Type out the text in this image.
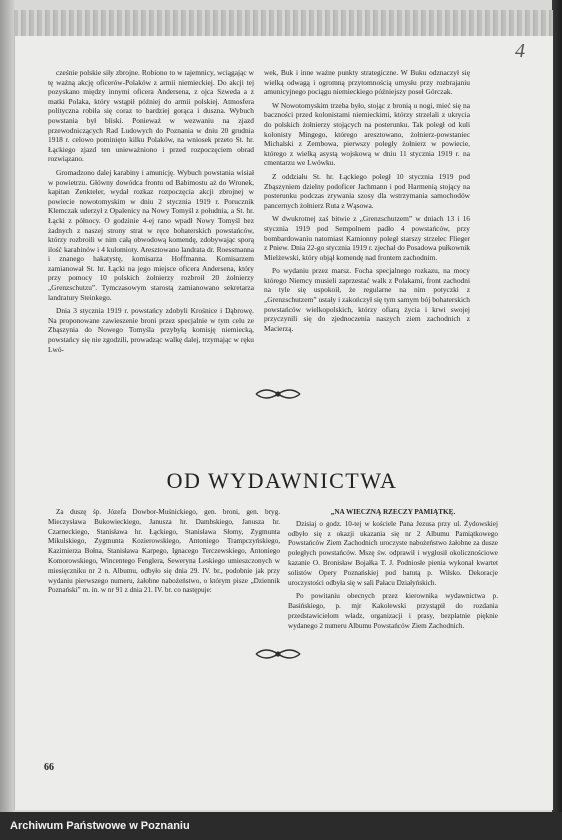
4

cześnie polskie siły zbrojne. Robiono to w tajemnicy, wciągając w tę ważną akcję oficerów-Polaków z armii niemieckiej. Do akcji tej pozyskano między innymi oficera Andersena, z ojca Szweda a z matki Polaka, który wstąpił później do armii polskiej. Atmosfera polityczna robiła się coraz to bardziej gorąca i duszna. Wybuch powstania był bliski. Ponieważ w wezwaniu na zjazd przewodniczących Rad Ludowych do Poznania w dniu 20 grudnia 1918 r. celowo pominięto kilku Polaków, na wniosek przeto St. hr. Łąckiego zjazd ten unieważniono i przed rozpoczęciem obrad rozwiązano.

Gromadzono dalej karabiny i amunicję. Wybuch powstania wisiał w powietrzu. Główny dowódca frontu od Babimostu aż do Wronek, kapitan Zenkteler, wydał rozkaz rozpoczęcia akcji zbrojnej w powiecie nowotomyskim w dniu 2 stycznia 1919 r. Porucznik Klemczak uderzył z Opalenicy na Nowy Tomyśl z południa, a St. hr. Łącki z północy. O godzinie 4-ej rano wpadł Nowy Tomyśl bez żadnych z naszej strony strat w ręce bohaterskich powstańców, którzy rozbroili w nim całą obwodową komendę, zdobywając sporą ilość karabinów i 4 kulomioty. Aresztowano landrata dr. Roessmanna i znanego hakatystę, komisarza Hoffmanna. Komisarzem zamianował St. hr. Łącki na jego miejsce oficera Andersena, który przy pomocy 10 polskich żołnierzy rozbroił 20 żołnierzy „Grenzschutzu”. Tymczasowym starostą zamianowano sekretarza landratury Steinkego.

Dnia 3 stycznia 1919 r. powstańcy zdobyli Krośnice i Dąbrowę. Na proponowane zawieszenie broni przez specjalnie w tym celu ze Zbąszynia do Nowego Tomyśla przybyłą komisję niemiecką, powstańcy się nie zgodzili, prowadząc walkę dalej, trzymając w ręku Lwó-

wek, Buk i inne ważne punkty strategiczne. W Buku odznaczył się wielką odwagą i ogromną przytomnością umysłu przy rozbrajaniu amunicyjnego pociągu niemieckiego późniejszy poseł Górczak.

W Nowotomyskim trzeba było, stojąc z bronią u nogi, mieć się na baczności przed kolonistami niemieckimi, którzy strzelali z ukrycia do polskich żołnierzy stojących na posterunku. Tak poległ od kuli kolonisty Mingego, którego aresztowano, żołnierz-powstaniec Michalski z Zembowa, pierwszy poległy żołnierz w powiecie, którego z wielką asystą wojskową w dniu 11 stycznia 1919 r. na cmentarzu we Lwówku.

Z oddziału St. hr. Łąckiego poległ 10 stycznia 1919 pod Zbąszyniem dzielny podoficer Jachmann i pod Harmenią stojący na posterunku podczas zrywania szosy dla wstrzymania samochodów pancernych żołnierz Ruta z Wąsowa.

W dwukrotnej zaś bitwie z „Grenzschutzem” w dniach 13 i 16 stycznia 1919 pod Sempolnem padło 4 powstańców, przy bombardowaniu natomiast Kamionny poległ starszy strzelec Flieger z Pniew. Dnia 22-go stycznia 1919 r. zjechał do Posadowa pułkownik Mielżewski, który objął komendę nad frontem zachodnim.

Po wydaniu przez marsz. Focha specjalnego rozkazu, na mocy którego Niemcy musieli zaprzestać walk z Polakami, front zachodni na tyle się uspokoił, że regularne na nim potyczki z „Grenzschutzem” ustały i zakończył się tym samym bój bohaterskich powstańców wielkopolskich, którzy ofiarą życia i krwi swojej przyczynili się do zjednoczenia naszych ziem zachodnich z Macierzą.

OD WYDAWNICTWA

Za duszę śp. Józefa Dowbor-Muśnickiego, gen. broni, gen. bryg. Mieczysława Bukowieckiego, Janusza hr. Dambskiego, Janusza hr. Czarneckiego, Stanisława hr. Łąckiego, Stanisława Słomy, Zygmunta Mikulskiego, Zygmunta Kozierowskiego, Antoniego Trampczyńskiego, Kazimierza Bołna, Stanisława Karpego, Ignacego Terczewskiego, Antoniego Komorowskiego, Wincentego Fenglera, Seweryna Leskiego umieszczonych w miesięczniku nr 2 n. Albumu, odbyło się dnia 29. IV. br., podobnie jak przy wydaniu pierwszego numeru, żałobne nabożeństwo, o którym pisze „Dziennik Poznański” m. in. w nr 91 z dnia 21. IV. br. co następuje:

„NA WIECZNĄ RZECZY PAMIĄTKĘ.

Dzisiaj o godz. 10-tej w kościele Pana Jezusa przy ul. Żydowskiej odbyło się z okazji ukazania się nr 2 Albumu Pamiątkowego Powstańców Ziem Zachodnich uroczyste nabożeństwo żałobne za dusze poległych powstańców. Mszę św. odprawił i wygłosił okolicznościowe kazanie O. Bronisław Bojałka T. J. Podniosłe pienia wykonał kwartet solistów Opery Poznańskiej pod batutą p. Wiłsko. Dekoracje uroczystości odbyła się w sali Pałacu Działyńskich.

Po powitaniu obecnych przez kierownika wydawnictwa p. Basińskiego, p. mjr Kakolewski przystąpił do rozdania przedstawicielom władz, organizacji i prasy, bezpłatnie pięknie wydanego 2 numeru Albumu Powstańców Ziem Zachodnich.

66
Archiwum Państwowe w Poznaniu
